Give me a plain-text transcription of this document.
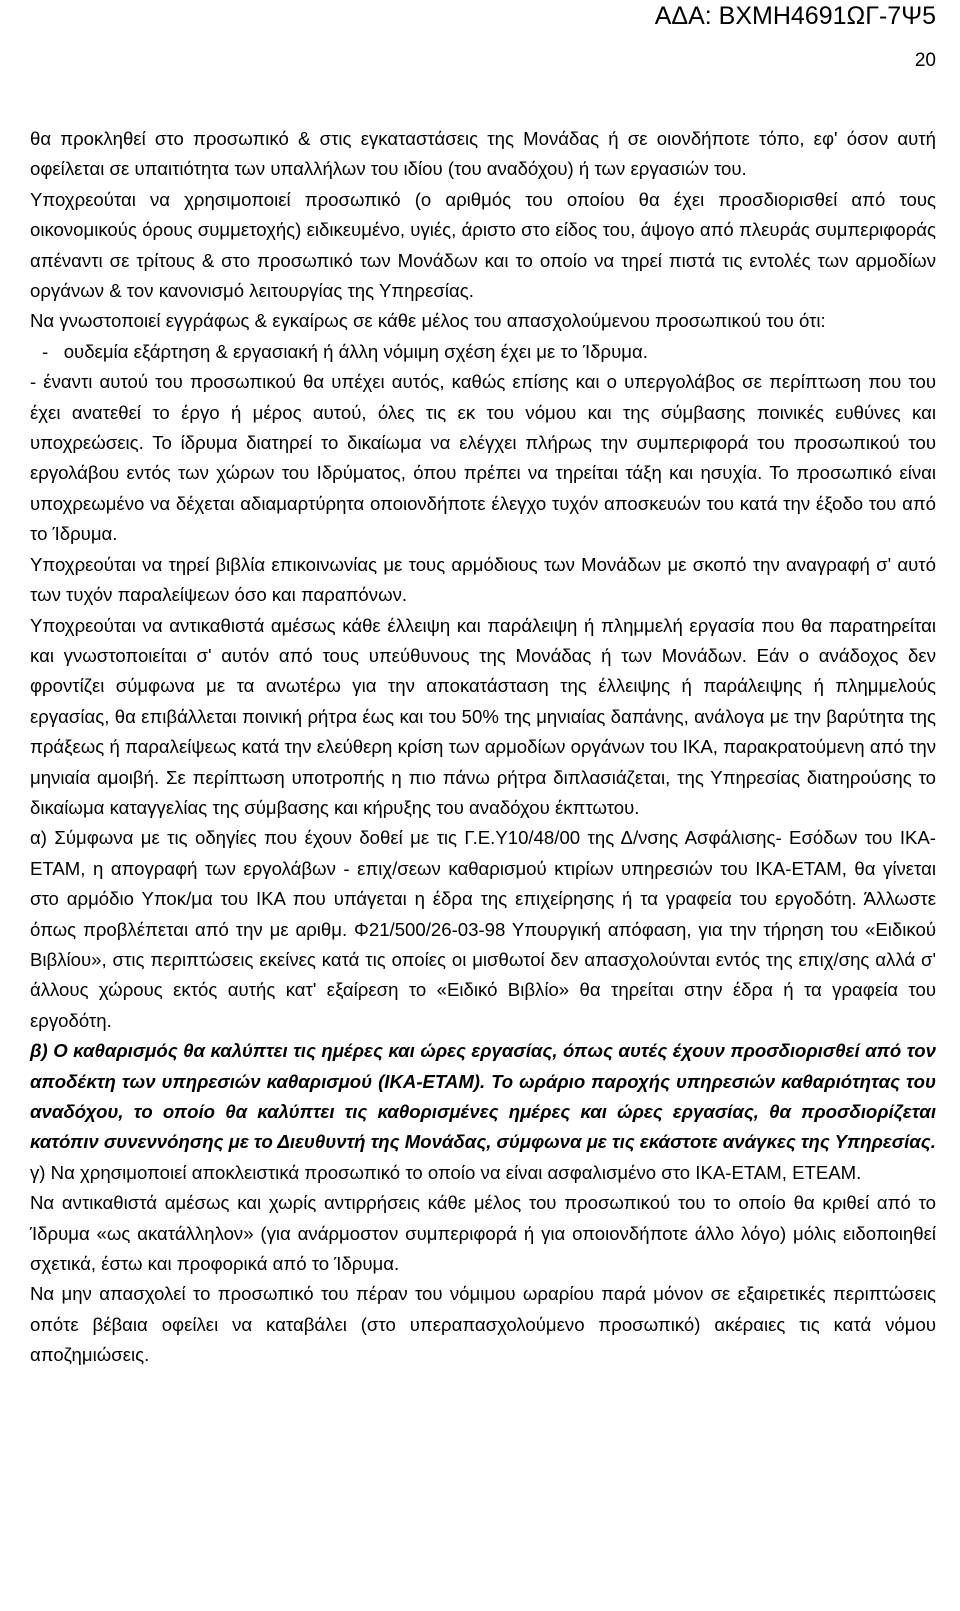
ΑΔΑ: ΒΧΜΗ4691ΩΓ-7Ψ5
20

θα προκληθεί στο προσωπικό & στις εγκαταστάσεις της Μονάδας ή σε οιονδήποτε τόπο, εφ' όσον αυτή οφείλεται σε υπαιτιότητα των υπαλλήλων του ιδίου (του αναδόχου) ή των εργασιών του.

Υποχρεούται να χρησιμοποιεί προσωπικό (ο αριθμός του οποίου θα έχει προσδιορισθεί από τους οικονομικούς όρους συμμετοχής) ειδικευμένο, υγιές, άριστο στο είδος του, άψογο από πλευράς συμπεριφοράς απέναντι σε τρίτους & στο προσωπικό των Μονάδων και το οποίο να τηρεί πιστά τις εντολές των αρμοδίων οργάνων & τον κανονισμό λειτουργίας της Υπηρεσίας.

Να γνωστοποιεί εγγράφως & εγκαίρως σε κάθε μέλος του απασχολούμενου προσωπικού του ότι:

-   ουδεμία εξάρτηση & εργασιακή ή άλλη νόμιμη σχέση έχει με το Ίδρυμα.

- έναντι αυτού του προσωπικού θα υπέχει αυτός, καθώς επίσης και ο υπεργολάβος σε περίπτωση που του έχει ανατεθεί το έργο ή μέρος αυτού, όλες τις εκ του νόμου και της σύμβασης ποινικές ευθύνες και υποχρεώσεις. Το ίδρυμα διατηρεί το δικαίωμα να ελέγχει πλήρως την συμπεριφορά του προσωπικού του εργολάβου εντός των χώρων του Ιδρύματος, όπου πρέπει να τηρείται τάξη και ησυχία. Το προσωπικό είναι υποχρεωμένο να δέχεται αδιαμαρτύρητα οποιονδήποτε έλεγχο τυχόν αποσκευών του κατά την έξοδο του από το Ίδρυμα.

Υποχρεούται να τηρεί βιβλία επικοινωνίας με τους αρμόδιους των Μονάδων με σκοπό την αναγραφή σ' αυτό των τυχόν παραλείψεων όσο και παραπόνων.

Υποχρεούται να αντικαθιστά αμέσως κάθε έλλειψη και παράλειψη ή πλημμελή εργασία που θα παρατηρείται και γνωστοποιείται σ' αυτόν από τους υπεύθυνους της Μονάδας ή των Μονάδων. Εάν ο ανάδοχος δεν φροντίζει σύμφωνα με τα ανωτέρω για την αποκατάσταση της έλλειψης ή παράλειψης ή πλημμελούς εργασίας, θα επιβάλλεται ποινική ρήτρα έως και του 50% της μηνιαίας δαπάνης, ανάλογα με την βαρύτητα της πράξεως ή παραλείψεως κατά την ελεύθερη κρίση των αρμοδίων οργάνων του ΙΚΑ, παρακρατούμενη από την μηνιαία αμοιβή. Σε περίπτωση υποτροπής η πιο πάνω ρήτρα διπλασιάζεται, της Υπηρεσίας διατηρούσης το δικαίωμα καταγγελίας της σύμβασης και κήρυξης του αναδόχου έκπτωτου.

α) Σύμφωνα με τις οδηγίες που έχουν δοθεί με τις Γ.Ε.Υ10/48/00 της Δ/νσης Ασφάλισης- Εσόδων του ΙΚΑ-ΕΤΑΜ, η απογραφή των εργολάβων - επιχ/σεων καθαρισμού κτιρίων υπηρεσιών του ΙΚΑ-ΕΤΑΜ, θα γίνεται στο αρμόδιο Υποκ/μα του ΙΚΑ που υπάγεται η έδρα της επιχείρησης ή τα γραφεία του εργοδότη. Άλλωστε όπως προβλέπεται από την με αριθμ. Φ21/500/26-03-98 Υπουργική απόφαση, για την τήρηση του «Ειδικού Βιβλίου», στις περιπτώσεις εκείνες κατά τις οποίες οι μισθωτοί δεν απασχολούνται εντός της επιχ/σης αλλά σ' άλλους χώρους εκτός αυτής κατ' εξαίρεση το «Ειδικό Βιβλίο» θα τηρείται στην έδρα ή τα γραφεία του εργοδότη.

β) Ο καθαρισμός θα καλύπτει τις ημέρες και ώρες εργασίας, όπως αυτές έχουν προσδιορισθεί από τον αποδέκτη των υπηρεσιών καθαρισμού (ΙΚΑ-ΕΤΑΜ). Το ωράριο παροχής υπηρεσιών καθαριότητας του αναδόχου, το οποίο θα καλύπτει τις καθορισμένες ημέρες και ώρες εργασίας, θα προσδιορίζεται κατόπιν συνεννόησης με το Διευθυντή της Μονάδας, σύμφωνα με τις εκάστοτε ανάγκες της Υπηρεσίας.

γ) Να χρησιμοποιεί αποκλειστικά προσωπικό το οποίο να είναι ασφαλισμένο στο ΙΚΑ-ΕΤΑΜ, ΕΤΕΑΜ.

Να αντικαθιστά αμέσως και χωρίς αντιρρήσεις κάθε μέλος του προσωπικού του το οποίο θα κριθεί από το Ίδρυμα «ως ακατάλληλον» (για ανάρμοστον συμπεριφορά ή για οποιονδήποτε άλλο λόγο) μόλις ειδοποιηθεί σχετικά, έστω και προφορικά από το Ίδρυμα.

Να μην απασχολεί το προσωπικό του πέραν του νόμιμου ωραρίου παρά μόνον σε εξαιρετικές περιπτώσεις οπότε βέβαια οφείλει να καταβάλει (στο υπεραπασχολούμενο προσωπικό) ακέραιες τις κατά νόμου αποζημιώσεις.
